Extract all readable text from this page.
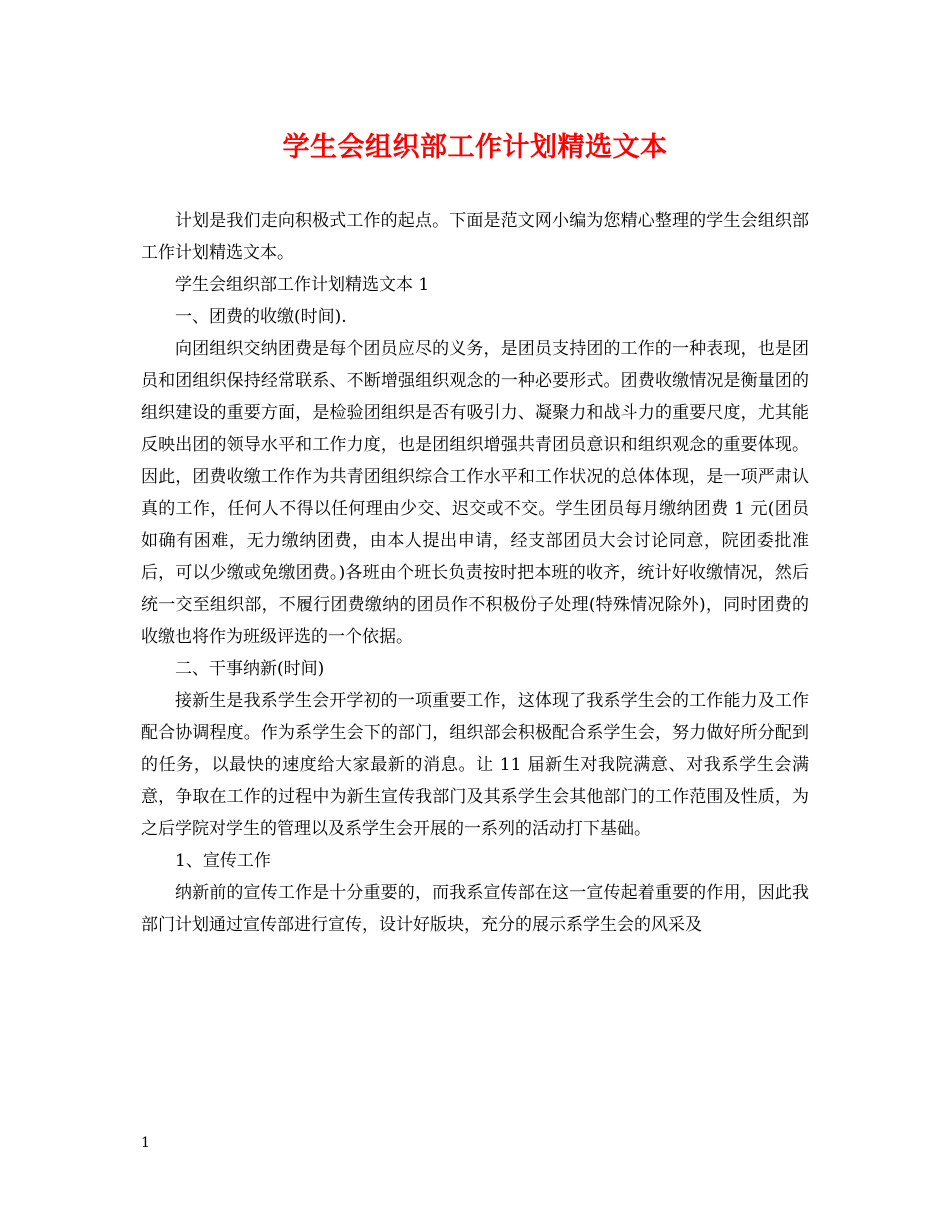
学生会组织部工作计划精选文本

计划是我们走向积极式工作的起点。下面是范文网小编为您精心整理的学生会组织部工作计划精选文本。

学生会组织部工作计划精选文本 1

一、团费的收缴(时间).

向团组织交纳团费是每个团员应尽的义务，是团员支持团的工作的一种表现，也是团员和团组织保持经常联系、不断增强组织观念的一种必要形式。团费收缴情况是衡量团的组织建设的重要方面，是检验团组织是否有吸引力、凝聚力和战斗力的重要尺度，尤其能反映出团的领导水平和工作力度，也是团组织增强共青团员意识和组织观念的重要体现。因此，团费收缴工作作为共青团组织综合工作水平和工作状况的总体体现，是一项严肃认真的工作，任何人不得以任何理由少交、迟交或不交。学生团员每月缴纳团费 1 元(团员如确有困难，无力缴纳团费，由本人提出申请，经支部团员大会讨论同意，院团委批准后，可以少缴或免缴团费。)各班由个班长负责按时把本班的收齐，统计好收缴情况，然后统一交至组织部，不履行团费缴纳的团员作不积极份子处理(特殊情况除外)，同时团费的收缴也将作为班级评选的一个依据。

二、干事纳新(时间)

接新生是我系学生会开学初的一项重要工作，这体现了我系学生会的工作能力及工作配合协调程度。作为系学生会下的部门，组织部会积极配合系学生会，努力做好所分配到的任务，以最快的速度给大家最新的消息。让 11 届新生对我院满意、对我系学生会满意，争取在工作的过程中为新生宣传我部门及其系学生会其他部门的工作范围及性质，为之后学院对学生的管理以及系学生会开展的一系列的活动打下基础。

1、宣传工作

纳新前的宣传工作是十分重要的，而我系宣传部在这一宣传起着重要的作用，因此我部门计划通过宣传部进行宣传，设计好版块，充分的展示系学生会的风采及

1
